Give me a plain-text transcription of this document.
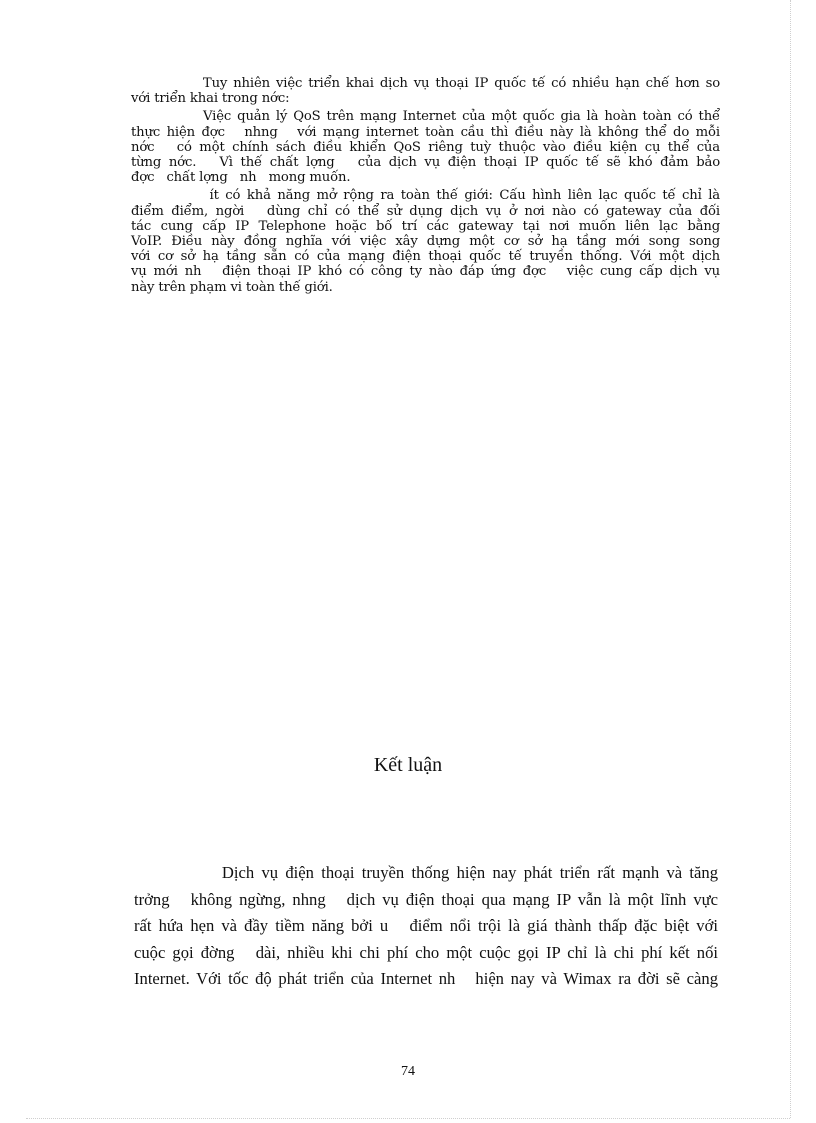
Tuy nhiên việc triển khai dịch vụ thoại IP quốc tế có nhiều hạn chế hơn so
với triển khai trong nớc:

Việc quản lý QoS trên mạng Internet của một quốc gia là hoàn toàn có thể
thực hiện đợc   nhng   với mạng internet toàn cầu thì điều này là không thể do mỗi
nớc   có một chính sách điều khiển QoS riêng tuỳ thuộc vào điều kiện cụ thể của
từng nớc.   Vì thế chất lợng   của dịch vụ điện thoại IP quốc tế sẽ khó đảm bảo
đợc   chất lợng   nh   mong muốn.

ít có khả năng mở rộng ra toàn thế giới: Cấu hình liên lạc quốc tế chỉ là
điểm điểm, ngời   dùng chỉ có thể sử dụng dịch vụ ở nơi nào có gateway của đối
tác cung cấp IP Telephone hoặc bố trí các gateway tại nơi muốn liên lạc bằng
VoIP. Điều này đồng nghĩa với việc xây dựng một cơ sở hạ tầng mới song song
với cơ sở hạ tầng sẵn có của mạng điện thoại quốc tế truyền thống. Với một dịch
vụ mới nh   điện thoại IP khó có công ty nào đáp ứng đợc   việc cung cấp dịch vụ
này trên phạm vi toàn thế giới.

Kết luận
Dịch vụ điện thoại truyền thống hiện nay phát triển rất mạnh và tăng
trởng   không ngừng, nhng   dịch vụ điện thoại qua mạng IP vẫn là một lĩnh vực
rất hứa hẹn và đầy tiềm năng bởi u   điểm nổi trội là giá thành thấp đặc biệt với
cuộc gọi đờng   dài, nhiều khi chi phí cho một cuộc gọi IP chỉ là chi phí kết nối
Internet. Với tốc độ phát triển của Internet nh   hiện nay và Wimax ra đời sẽ càng
74
